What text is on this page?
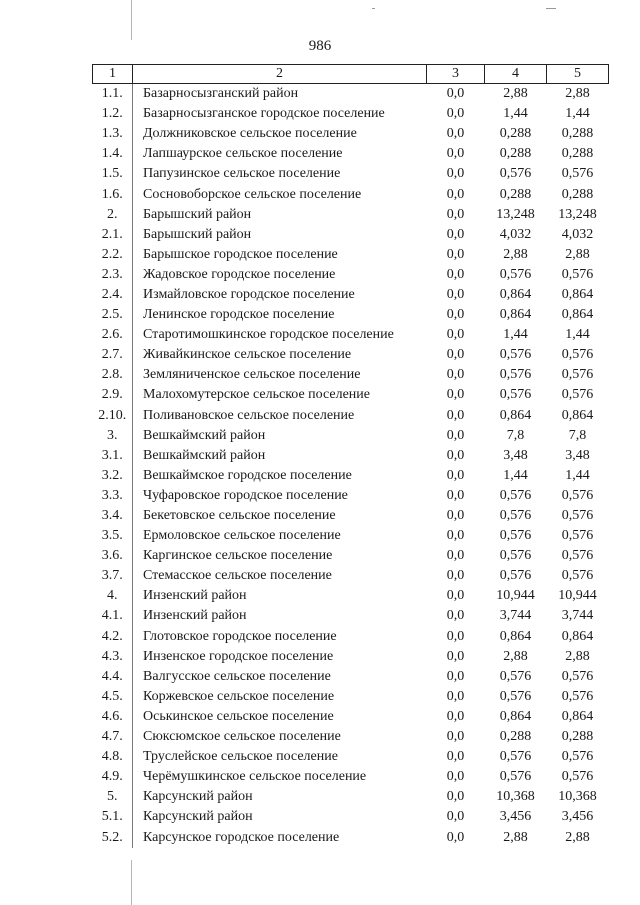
986
1	2	3	4	5
1.1.	Базарносызганский район	0,0	2,88	2,88
1.2.	Базарносызганское городское поселение	0,0	1,44	1,44
1.3.	Должниковское сельское поселение	0,0	0,288	0,288
1.4.	Лапшаурское сельское поселение	0,0	0,288	0,288
1.5.	Папузинское сельское поселение	0,0	0,576	0,576
1.6.	Сосновоборское сельское поселение	0,0	0,288	0,288
2.	Барышский район	0,0	13,248	13,248
2.1.	Барышский район	0,0	4,032	4,032
2.2.	Барышское городское поселение	0,0	2,88	2,88
2.3.	Жадовское городское поселение	0,0	0,576	0,576
2.4.	Измайловское городское поселение	0,0	0,864	0,864
2.5.	Ленинское городское поселение	0,0	0,864	0,864
2.6.	Старотимошкинское городское поселение	0,0	1,44	1,44
2.7.	Живайкинское сельское поселение	0,0	0,576	0,576
2.8.	Земляниченское сельское поселение	0,0	0,576	0,576
2.9.	Малохомутерское сельское поселение	0,0	0,576	0,576
2.10.	Поливановское сельское поселение	0,0	0,864	0,864
3.	Вешкаймский район	0,0	7,8	7,8
3.1.	Вешкаймский район	0,0	3,48	3,48
3.2.	Вешкаймское городское поселение	0,0	1,44	1,44
3.3.	Чуфаровское городское поселение	0,0	0,576	0,576
3.4.	Бекетовское сельское поселение	0,0	0,576	0,576
3.5.	Ермоловское сельское поселение	0,0	0,576	0,576
3.6.	Каргинское сельское поселение	0,0	0,576	0,576
3.7.	Стемасское сельское поселение	0,0	0,576	0,576
4.	Инзенский район	0,0	10,944	10,944
4.1.	Инзенский район	0,0	3,744	3,744
4.2.	Глотовское городское поселение	0,0	0,864	0,864
4.3.	Инзенское городское поселение	0,0	2,88	2,88
4.4.	Валгусское сельское поселение	0,0	0,576	0,576
4.5.	Коржевское сельское поселение	0,0	0,576	0,576
4.6.	Оськинское сельское поселение	0,0	0,864	0,864
4.7.	Сюксюмское сельское поселение	0,0	0,288	0,288
4.8.	Труслейское сельское поселение	0,0	0,576	0,576
4.9.	Черёмушкинское сельское поселение	0,0	0,576	0,576
5.	Карсунский район	0,0	10,368	10,368
5.1.	Карсунский район	0,0	3,456	3,456
5.2.	Карсунское городское поселение	0,0	2,88	2,88
